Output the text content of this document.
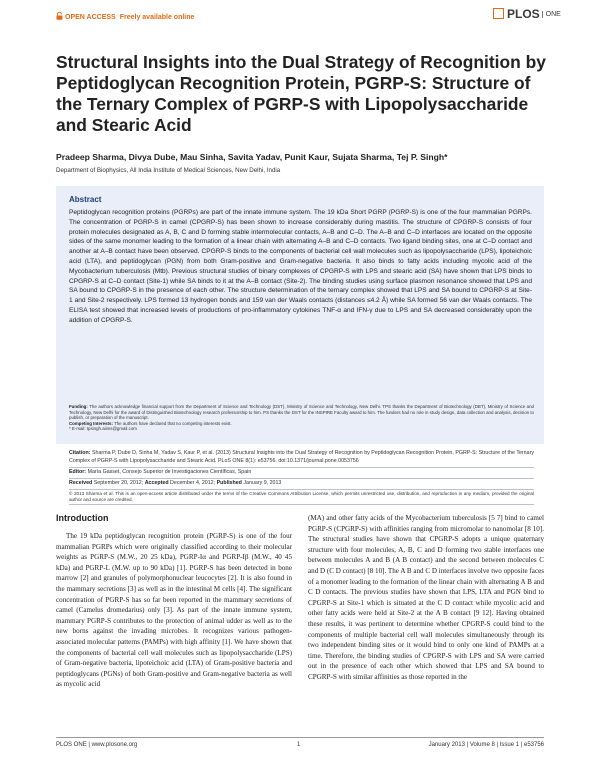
OPEN ACCESS Freely available online	PLOS ONE
Structural Insights into the Dual Strategy of Recognition by Peptidoglycan Recognition Protein, PGRP-S: Structure of the Ternary Complex of PGRP-S with Lipopolysaccharide and Stearic Acid
Pradeep Sharma, Divya Dube, Mau Sinha, Savita Yadav, Punit Kaur, Sujata Sharma, Tej P. Singh*
Department of Biophysics, All India Institute of Medical Sciences, New Delhi, India
Abstract

Peptidoglycan recognition proteins (PGRPs) are part of the innate immune system. The 19 kDa Short PGRP (PGRP-S) is one of the four mammalian PGRPs. The concentration of PGRP-S in camel (CPGRP-S) has been shown to increase considerably during mastitis. The structure of CPGRP-S consists of four protein molecules designated as A, B, C and D forming stable intermolecular contacts, A–B and C–D. The A–B and C–D interfaces are located on the opposite sides of the same monomer leading to the formation of a linear chain with alternating A–B and C–D contacts. Two ligand binding sites, one at C–D contact and another at A–B contact have been observed. CPGRP-S binds to the components of bacterial cell wall molecules such as lipopolysaccharide (LPS), lipoteichoic acid (LTA), and peptidoglycan (PGN) from both Gram-positive and Gram-negative bacteria. It also binds to fatty acids including mycolic acid of the Mycobacterium tuberculosis (Mtb). Previous structural studies of binary complexes of CPGRP-S with LPS and stearic acid (SA) have shown that LPS binds to CPGRP-S at C–D contact (Site-1) while SA binds to it at the A–B contact (Site-2). The binding studies using surface plasmon resonance showed that LPS and SA bound to CPGRP-S in the presence of each other. The structure determination of the ternary complex showed that LPS and SA bound to CPGRP-S at Site-1 and Site-2 respectively. LPS formed 13 hydrogen bonds and 159 van der Waals contacts (distances ≤4.2 Å) while SA formed 56 van der Waals contacts. The ELISA test showed that increased levels of productions of pro-inflammatory cytokines TNF-α and IFN-γ due to LPS and SA decreased considerably upon the addition of CPGRP-S.

Citation: Sharma P, Dube D, Sinha M, Yadav S, Kaur P, et al. (2013) Structural Insights into the Dual Strategy of Recognition by Peptidoglycan Recognition Protein, PGRP-S: Structure of the Ternary Complex of PGRP-S with Lipopolysaccharide and Stearic Acid. PLoS ONE 8(1): e53756. doi:10.1371/journal.pone.0053756

Editor: María Gasset, Consejo Superior de Investigaciones Científicas, Spain

Received September 20, 2012; Accepted December 4, 2012; Published January 9, 2013

© 2013 Sharma et al. This is an open-access article distributed under the terms of the Creative Commons Attribution License, which permits unrestricted use, distribution, and reproduction in any medium, provided the original author and source are credited.

Introduction

The 19 kDa peptidoglycan recognition protein (PGRP-S) is one of the four mammalian PGRPs which were originally classified according to their molecular weights as PGRP-S (M.W., 20 25 kDa), PGRP-Iα and PGRP-Iβ (M.W., 40 45 kDa) and PGRP-L (M.W. up to 90 kDa) [1]. PGRP-S has been detected in bone marrow [2] and granules of polymorphonuclear leucocytes [2]. It is also found in the mammary secretions [3] as well as in the intestinal M cells [4]. The significant concentration of PGRP-S has so far been reported in the mammary secretions of camel (Camelus dromedarius) only [3]. As part of the innate immune system, mammary PGRP-S contributes to the protection of animal udder as well as to the new borns against the invading microbes. It recognizes various pathogen-associated molecular patterns (PAMPs) with high affinity [1]. We have shown that the components of bacterial cell wall molecules such as lipopolysaccharide (LPS) of Gram-negative bacteria, lipoteichoic acid (LTA) of Gram-positive bacteria and peptidoglycans (PGNs) of both Gram-positive and Gram-negative bacteria as well as mycolic acid

(MA) and other fatty acids of the Mycobacterium tuberculosis [5 7] bind to camel PGRP-S (CPGRP-S) with affinities ranging from micromolar to nanomolar [8 10]. The structural studies have shown that CPGRP-S adopts a unique quaternary structure with four molecules, A, B, C and D forming two stable interfaces one between molecules A and B (A B contact) and the second between molecules C and D (C D contact) [8 10]. The A B and C D interfaces involve two opposite faces of a monomer leading to the formation of the linear chain with alternating A B and C D contacts. The previous studies have shown that LPS, LTA and PGN bind to CPGRP-S at Site-1 which is situated at the C D contact while mycolic acid and other fatty acids were held at Site-2 at the A B contact [9 12]. Having obtained these results, it was pertinent to determine whether CPGRP-S could bind to the components of multiple bacterial cell wall molecules simultaneously through its two independent binding sites or it would bind to only one kind of PAMPs at a time. Therefore, the binding studies of CPGRP-S with LPS and SA were carried out in the presence of each other which showed that LPS and SA bound to CPGRP-S with similar affinities as those reported in the

Funding: The authors acknowledge financial support from the Department of Science and Technology (DST), Ministry of Science and Technology, New Delhi. TPS thanks the Department of Biotechnology (DBT), Ministry of Science and Technology, New Delhi for the award of Distinguished Biotechnology research professorship to him. PS thanks the DST for the INSPIRE Faculty award to him. The funders had no role in study design, data collection and analysis, decision to publish, or preparation of the manuscript.

Competing Interests: The authors have declared that no competing interests exist.

* E-mail: tpsingh.aiims@gmail.com

PLOS ONE | www.plosone.org	1	January 2013 | Volume 8 | Issue 1 | e53756
